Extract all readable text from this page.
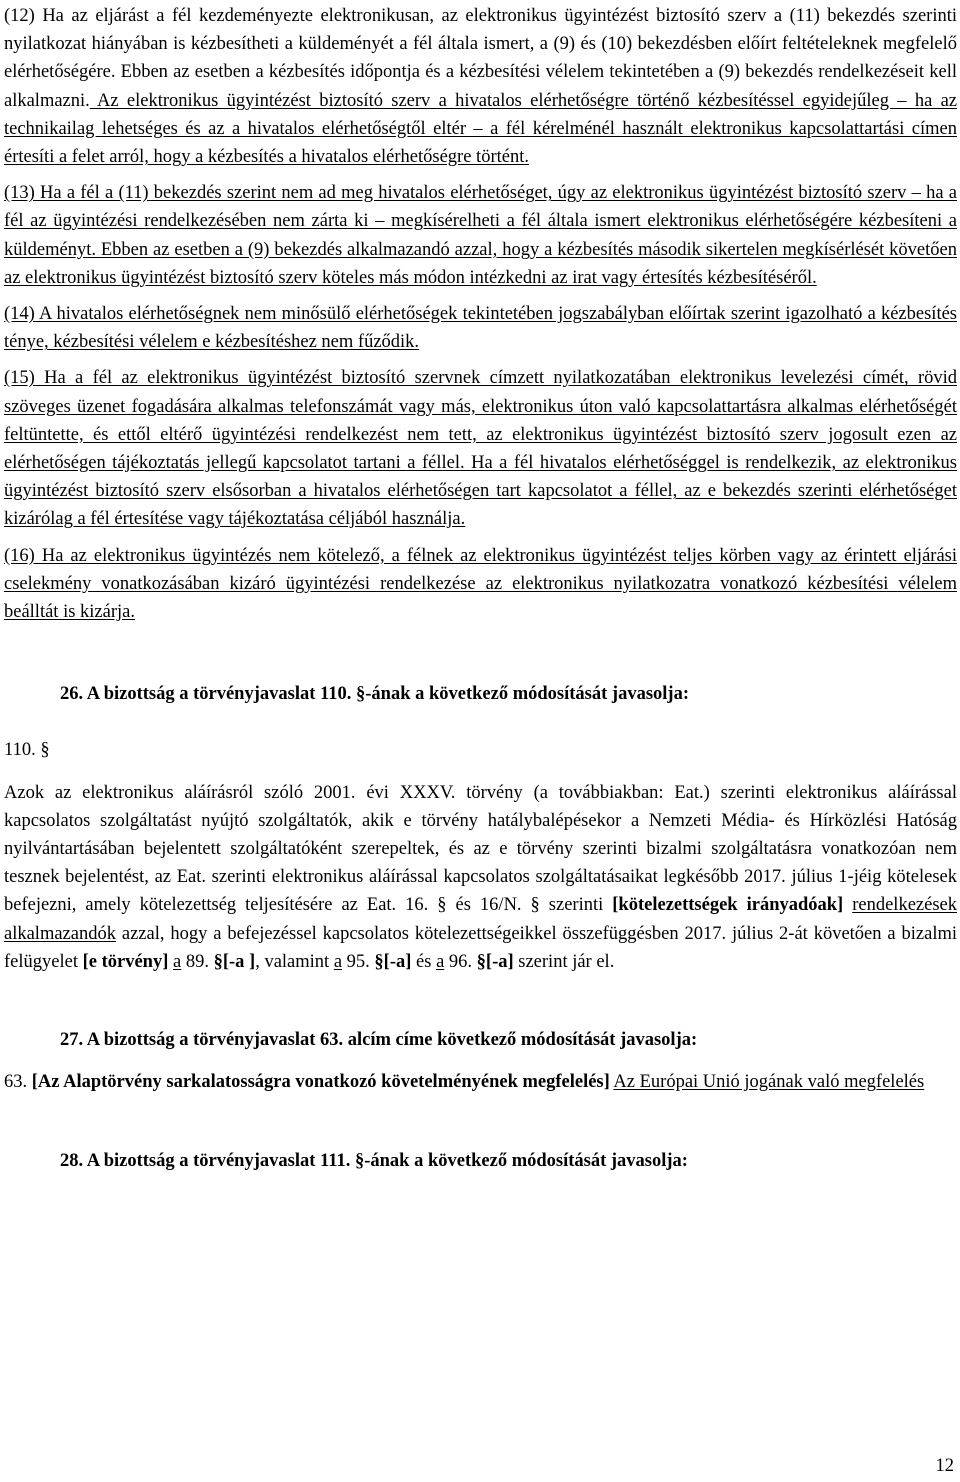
(12) Ha az eljárást a fél kezdeményezte elektronikusan, az elektronikus ügyintézést biztosító szerv a (11) bekezdés szerinti nyilatkozat hiányában is kézbesítheti a küldeményét a fél általa ismert, a (9) és (10) bekezdésben előírt feltételeknek megfelelő elérhetőségére. Ebben az esetben a kézbesítés időpontja és a kézbesítési vélelem tekintetében a (9) bekezdés rendelkezéseit kell alkalmazni. Az elektronikus ügyintézést biztosító szerv a hivatalos elérhetőségre történő kézbesítéssel egyidejűleg – ha az technikailag lehetséges és az a hivatalos elérhetőségtől eltér – a fél kérelménél használt elektronikus kapcsolattartási címen értesíti a felet arról, hogy a kézbesítés a hivatalos elérhetőségre történt.

(13) Ha a fél a (11) bekezdés szerint nem ad meg hivatalos elérhetőséget, úgy az elektronikus ügyintézést biztosító szerv – ha a fél az ügyintézési rendelkezésében nem zárta ki – megkísérelheti a fél általa ismert elektronikus elérhetőségére kézbesíteni a küldeményt. Ebben az esetben a (9) bekezdés alkalmazandó azzal, hogy a kézbesítés második sikertelen megkísérlését követően az elektronikus ügyintézést biztosító szerv köteles más módon intézkedni az irat vagy értesítés kézbesítéséről.

(14) A hivatalos elérhetőségnek nem minősülő elérhetőségek tekintetében jogszabályban előírtak szerint igazolható a kézbesítés ténye, kézbesítési vélelem e kézbesítéshez nem fűződik.

(15) Ha a fél az elektronikus ügyintézést biztosító szervnek címzett nyilatkozatában elektronikus levelezési címét, rövid szöveges üzenet fogadására alkalmas telefonszámát vagy más, elektronikus úton való kapcsolattartásra alkalmas elérhetőségét feltüntette, és ettől eltérő ügyintézési rendelkezést nem tett, az elektronikus ügyintézést biztosító szerv jogosult ezen az elérhetőségen tájékoztatás jellegű kapcsolatot tartani a féllel. Ha a fél hivatalos elérhetőséggel is rendelkezik, az elektronikus ügyintézést biztosító szerv elsősorban a hivatalos elérhetőségen tart kapcsolatot a féllel, az e bekezdés szerinti elérhetőséget kizárólag a fél értesítése vagy tájékoztatása céljából használja.

(16) Ha az elektronikus ügyintézés nem kötelező, a félnek az elektronikus ügyintézést teljes körben vagy az érintett eljárási cselekmény vonatkozásában kizáró ügyintézési rendelkezése az elektronikus nyilatkozatra vonatkozó kézbesítési vélelem beálltát is kizárja.

26. A bizottság a törvényjavaslat 110. §-ának a következő módosítását javasolja:

110. §

Azok az elektronikus aláírásról szóló 2001. évi XXXV. törvény (a továbbiakban: Eat.) szerinti elektronikus aláírással kapcsolatos szolgáltatást nyújtó szolgáltatók, akik e törvény hatálybalépésekor a Nemzeti Média- és Hírközlési Hatóság nyilvántartásában bejelentett szolgáltatóként szerepeltek, és az e törvény szerinti bizalmi szolgáltatásra vonatkozóan nem tesznek bejelentést, az Eat. szerinti elektronikus aláírással kapcsolatos szolgáltatásaikat legkésőbb 2017. július 1-jéig kötelesek befejezni, amely kötelezettség teljesítésére az Eat. 16. § és 16/N. § szerinti [kötelezettségek irányadóak] rendelkezések alkalmazandók azzal, hogy a befejezéssel kapcsolatos kötelezettségeikkel összefüggésben 2017. július 2-át követően a bizalmi felügyelet [e törvény] a 89. §[-a ], valamint a 95. §[-a] és a 96. §[-a] szerint jár el.

27. A bizottság a törvényjavaslat 63. alcím címe következő módosítását javasolja:

63. [Az Alaptörvény sarkalatosságra vonatkozó követelményének megfelelés] Az Európai Unió jogának való megfelelés

28. A bizottság a törvényjavaslat 111. §-ának a következő módosítását javasolja:

12
